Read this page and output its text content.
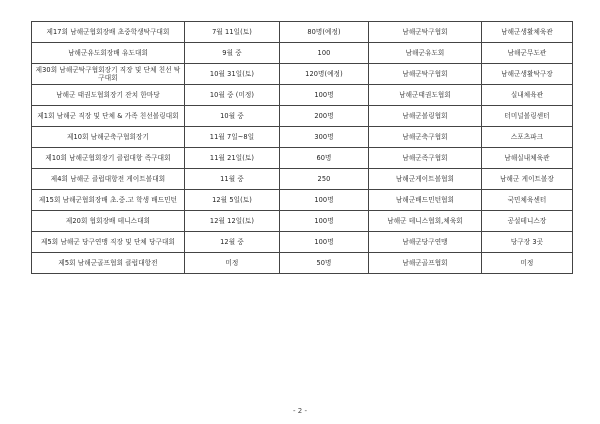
제17회 남해군협회장배 초중학생탁구대회	7월 11일(토)	80명(예정)	남해군탁구협회	남해군생활체육관
남해군유도회장배 유도대회	9월 중	100	남해군유도회	남해군무도관
제30회 남해군탁구협회장기 직장 및 단체 친선 탁구대회	10월 31일(토)	120명(예정)	남해군탁구협회	남해군생활탁구장
남해군 태권도협회장기 잔치 한마당	10월 중 (미정)	100명	남해군태권도협회	실내체육관
제1회 남해군 직장 및 단체 & 가족 친선볼링대회	10월 중	200명	남해군볼링협회	터미널볼링센터
제10회 남해군축구협회장기	11월 7일~8일	300명	남해군축구협회	스포츠파크
제10회 남해군협회장기 클럽대항 족구대회	11월 21일(토)	60명	남해군족구협회	남해실내체육관
제4회 남해군 클럽대항전 게이트볼대회	11월 중	250	남해군게이트볼협회	남해군 게이트볼장
제15회 남해군협회장배 초.중.고 학생 배드민턴	12월 5일(토)	100명	남해군배드민턴협회	국민체육센터
제20회 협회장배 테니스대회	12월 12일(토)	100명	남해군 테니스협회,체육회	공설테니스장
제5회 남해군 당구연맹 직장 및 단체 당구대회	12월 중	100명	남해군당구연맹	당구장 3곳
제5회 남해군골프협회 클럽대항전	미정	50명	남해군골프협회	미정
- 2 -
